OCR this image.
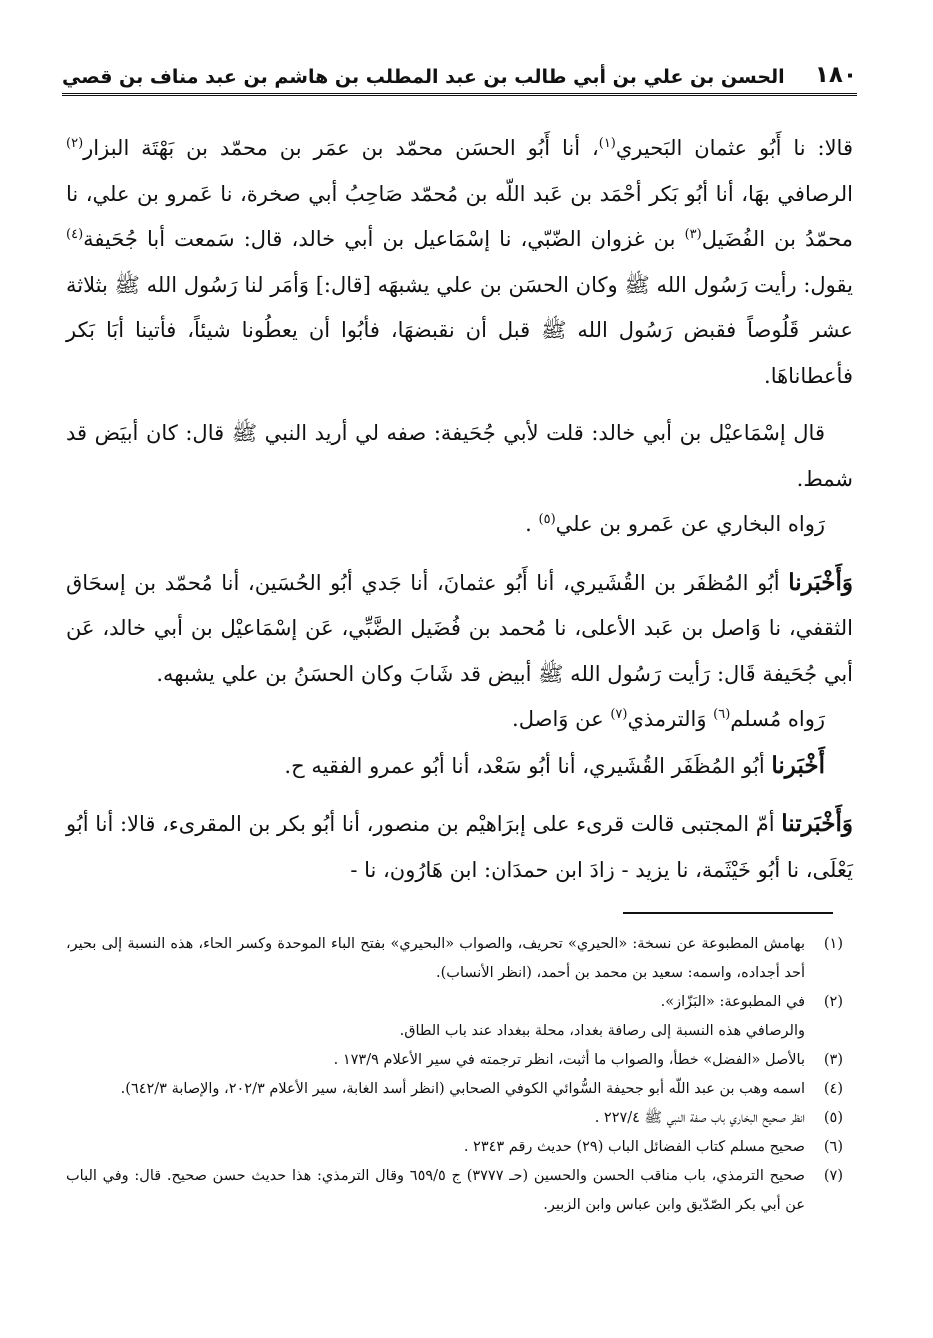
١٨٠
الحسن بن علي بن أبي طالب بن عبد المطلب بن هاشم بن عبد مناف بن قصي

قالا: نا أَبُو عثمان البَحيري$^{(١)}$، أنا أَبُو الحسَن محمّد بن عمَر بن محمّد بن بَهْتَة البزار$^{(٢)}$ الرصافي بهَا، أنا أبُو بَكر أحْمَد بن عَبد اللّه بن مُحمّد صَاحِبُ أبي صخرة، نا عَمرو بن علي، نا محمّدُ بن الفُضَيل$^{(٣)}$ بن غزوان الضّبّي، نا إسْمَاعيل بن أبي خالد، قال: سَمعت أبا جُحَيفة$^{(٤)}$ يقول: رأيت رَسُول الله ﷺ وكان الحسَن بن علي يشبهَه [قال:] وَأمَر لنا رَسُول الله ﷺ بثلاثة عشر قَلُوصاً فقبض رَسُول الله ﷺ قبل أن نقبضهَا، فأبُوا أن يعطُونا شيئاً، فأتينا أبَا بَكر فأعطاناهَا.

قال إسْمَاعيْل بن أبي خالد: قلت لأبي جُحَيفة: صفه لي أريد النبي ﷺ قال: كان أبيَض قد شمط.

رَواه البخاري عن عَمرو بن علي$^{(٥)}$ .

وَأَخْبَرنا أبُو المُظفَر بن القُشَيري، أنا أَبُو عثمانَ، أنا جَدي أبُو الحُسَين، أنا مُحمّد بن إسحَاق الثقفي، نا وَاصل بن عَبد الأعلى، نا مُحمد بن فُضَيل الضَّبِّي، عَن إسْمَاعيْل بن أبي خالد، عَن أبي جُحَيفة قَال: رَأيت رَسُول الله ﷺ أبيض قد شَابَ وكان الحسَنُ بن علي يشبهه.

رَواه مُسلم$^{(٦)}$ وَالترمذي$^{(٧)}$ عن وَاصل.

أَخْبَرنا أبُو المُظَفَر القُشَيري، أنا أبُو سَعْد، أنا أبُو عمرو الفقيه ح.

وَأَخْبَرتنا أمّ المجتبى قالت قرىء على إبرَاهيْم بن منصور، أنا أبُو بكر بن المقرىء، قالا: أنا أبُو يَعْلَى، نا أبُو خَيْثَمة، نا يزيد - زادَ ابن حمدَان: ابن هَارُون، نا -

(١)
بهامش المطبوعة عن نسخة: «الحيري» تحريف، والصواب «البحيري» بفتح الباء الموحدة وكسر الحاء، هذه النسبة إلى بحير، أحد أجداده، واسمه: سعيد بن محمد بن أحمد، (انظر الأنساب).
(٢)
في المطبوعة: «البَزّاز».
والرصافي هذه النسبة إلى رصافة بغداد، محلة ببغداد عند باب الطاق.
(٣)
بالأصل «الفضل» خطأ، والصواب ما أثبت، انظر ترجمته في سير الأعلام ١٧٣/٩ .
(٤)
اسمه وهب بن عبد اللّه أبو جحيفة السُّوائي الكوفي الصحابي (انظر أسد الغابة، سير الأعلام ٢٠٢/٣، والإصابة ٦٤٢/٣).
(٥)
انظر صحيح البخاري باب صفة النبي ﷺ ٢٢٧/٤ .
(٦)
صحيح مسلم كتاب الفضائل الباب (٢٩) حديث رقم ٢٣٤٣ .
(٧)
صحيح الترمذي، باب مناقب الحسن والحسين (حـ ٣٧٧٧) ج ٦٥٩/٥ وقال الترمذي: هذا حديث حسن صحيح. قال: وفي الباب عن أبي بكر الصّدّيق وابن عباس وابن الزبير.
